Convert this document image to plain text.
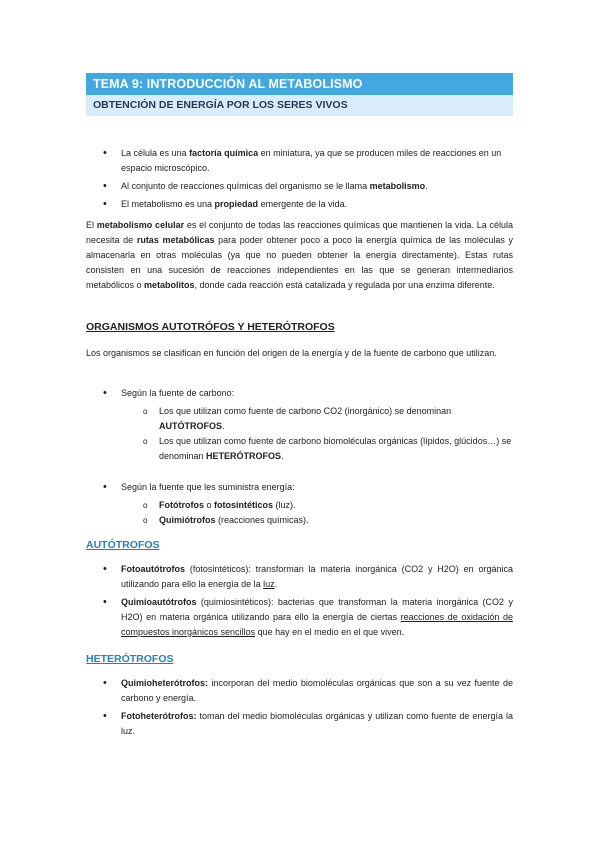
TEMA 9: INTRODUCCIÓN AL METABOLISMO
OBTENCIÓN DE ENERGÍA POR LOS SERES VIVOS
• La célula es una factoría química en miniatura, ya que se producen miles de reacciones en un espacio microscópico.
• Al conjunto de reacciones químicas del organismo se le llama metabolismo.
• El metabolismo es una propiedad emergente de la vida.

El metabolismo celular es el conjunto de todas las reacciones químicas que mantienen la vida. La célula necesita de rutas metabólicas para poder obtener poco a poco la energía química de las moléculas y almacenarla en otras moléculas (ya que no pueden obtener la energía directamente). Estas rutas consisten en una sucesión de reacciones independientes en las que se generan intermediarios metabólicos o metabolitos, donde cada reacción está catalizada y regulada por una enzima diferente.

ORGANISMOS AUTOTRÓFOS Y HETERÓTROFOS

Los organismos se clasifican en función del origen de la energía y de la fuente de carbono que utilizan.

• Según la fuente de carbono:
o Los que utilizan como fuente de carbono CO2 (inorgánico) se denominan AUTÓTROFOS.
o Los que utilizan como fuente de carbono biomoléculas orgánicas (lípidos, glúcidos…) se denominan HETERÓTROFOS.
• Según la fuente que les suministra energía:
o Fotótrofos o fotosintéticos (luz).
o Quimiótrofos (reacciones químicas).
AUTÓTROFOS
• Fotoautótrofos (fotosintéticos): transforman la materia inorgánica (CO2 y H2O) en orgánica utilizando para ello la energía de la luz.
• Quimioautótrofos (quimiosintéticos): bacterias que transforman la materia inorgánica (CO2 y H2O) en materia orgánica utilizando para ello la energía de ciertas reacciones de oxidación de compuestos inorgánicos sencillos que hay en el medio en el que viven.
HETERÓTROFOS
• Quimioheterótrofos: incorporan del medio biomoléculas orgánicas que son a su vez fuente de carbono y energía.
• Fotoheterótrofos: toman del medio biomoléculas orgánicas y utilizan como fuente de energía la luz.
